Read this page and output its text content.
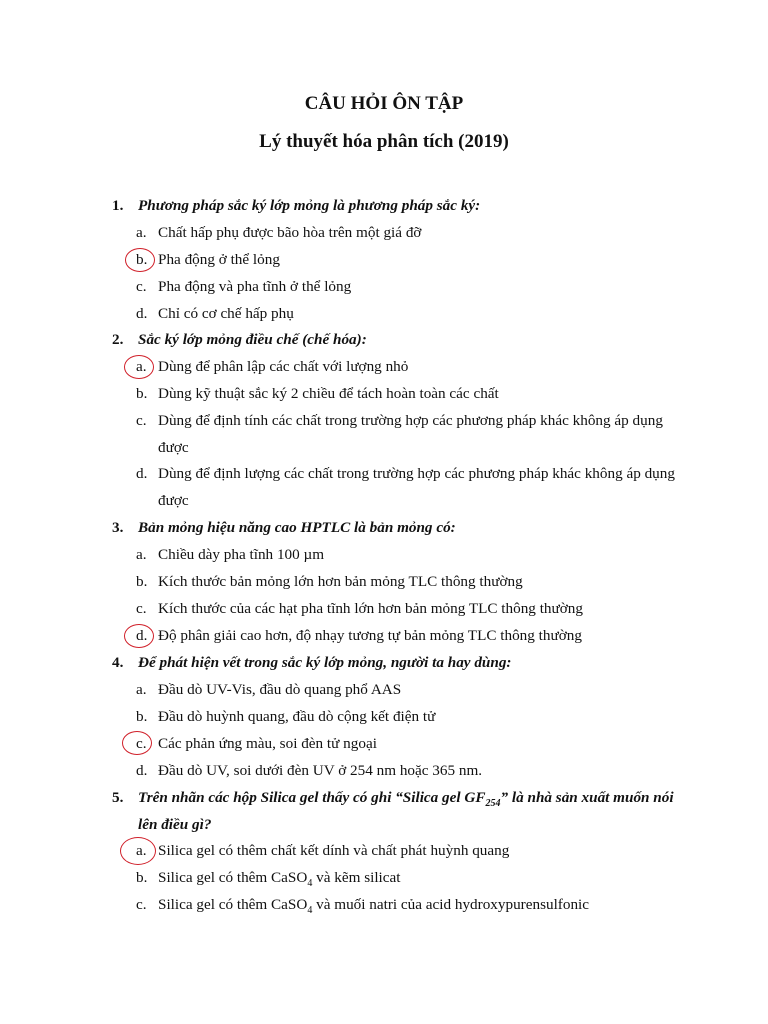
CÂU HỎI ÔN TẬP
Lý thuyết hóa phân tích (2019)
1. Phương pháp sắc ký lớp mỏng là phương pháp sắc ký:
a. Chất hấp phụ được bão hòa trên một giá đỡ
b. Pha động ở thể lỏng
c. Pha động và pha tĩnh ở thể lỏng
d. Chỉ có cơ chế hấp phụ
2. Sắc ký lớp mỏng điều chế (chế hóa):
a. Dùng để phân lập các chất với lượng nhỏ
b. Dùng kỹ thuật sắc ký 2 chiều để tách hoàn toàn các chất
c. Dùng để định tính các chất trong trường hợp các phương pháp khác không áp dụng
được
d. Dùng để định lượng các chất trong trường hợp các phương pháp khác không áp dụng
được
3. Bản mỏng hiệu năng cao HPTLC là bản mỏng có:
a. Chiều dày pha tĩnh 100 µm
b. Kích thước bản mỏng lớn hơn bản mỏng TLC thông thường
c. Kích thước của các hạt pha tĩnh lớn hơn bản mỏng TLC thông thường
d. Độ phân giải cao hơn, độ nhạy tương tự bản mỏng TLC thông thường
4. Để phát hiện vết trong sắc ký lớp mỏng, người ta hay dùng:
a. Đầu dò UV-Vis, đầu dò quang phổ AAS
b. Đầu dò huỳnh quang, đầu dò cộng kết điện tử
c. Các phản ứng màu, soi đèn tử ngoại
d. Đầu dò UV, soi dưới đèn UV ở 254 nm hoặc 365 nm.
5. Trên nhãn các hộp Silica gel thấy có ghi “Silica gel $GF_{254}$” là nhà sản xuất muốn nói
lên điều gì?
a. Silica gel có thêm chất kết dính và chất phát huỳnh quang
b. Silica gel có thêm CaSO$_4$ và kẽm silicat
c. Silica gel có thêm CaSO$_4$ và muối natri của acid hydroxypurensulfonic
